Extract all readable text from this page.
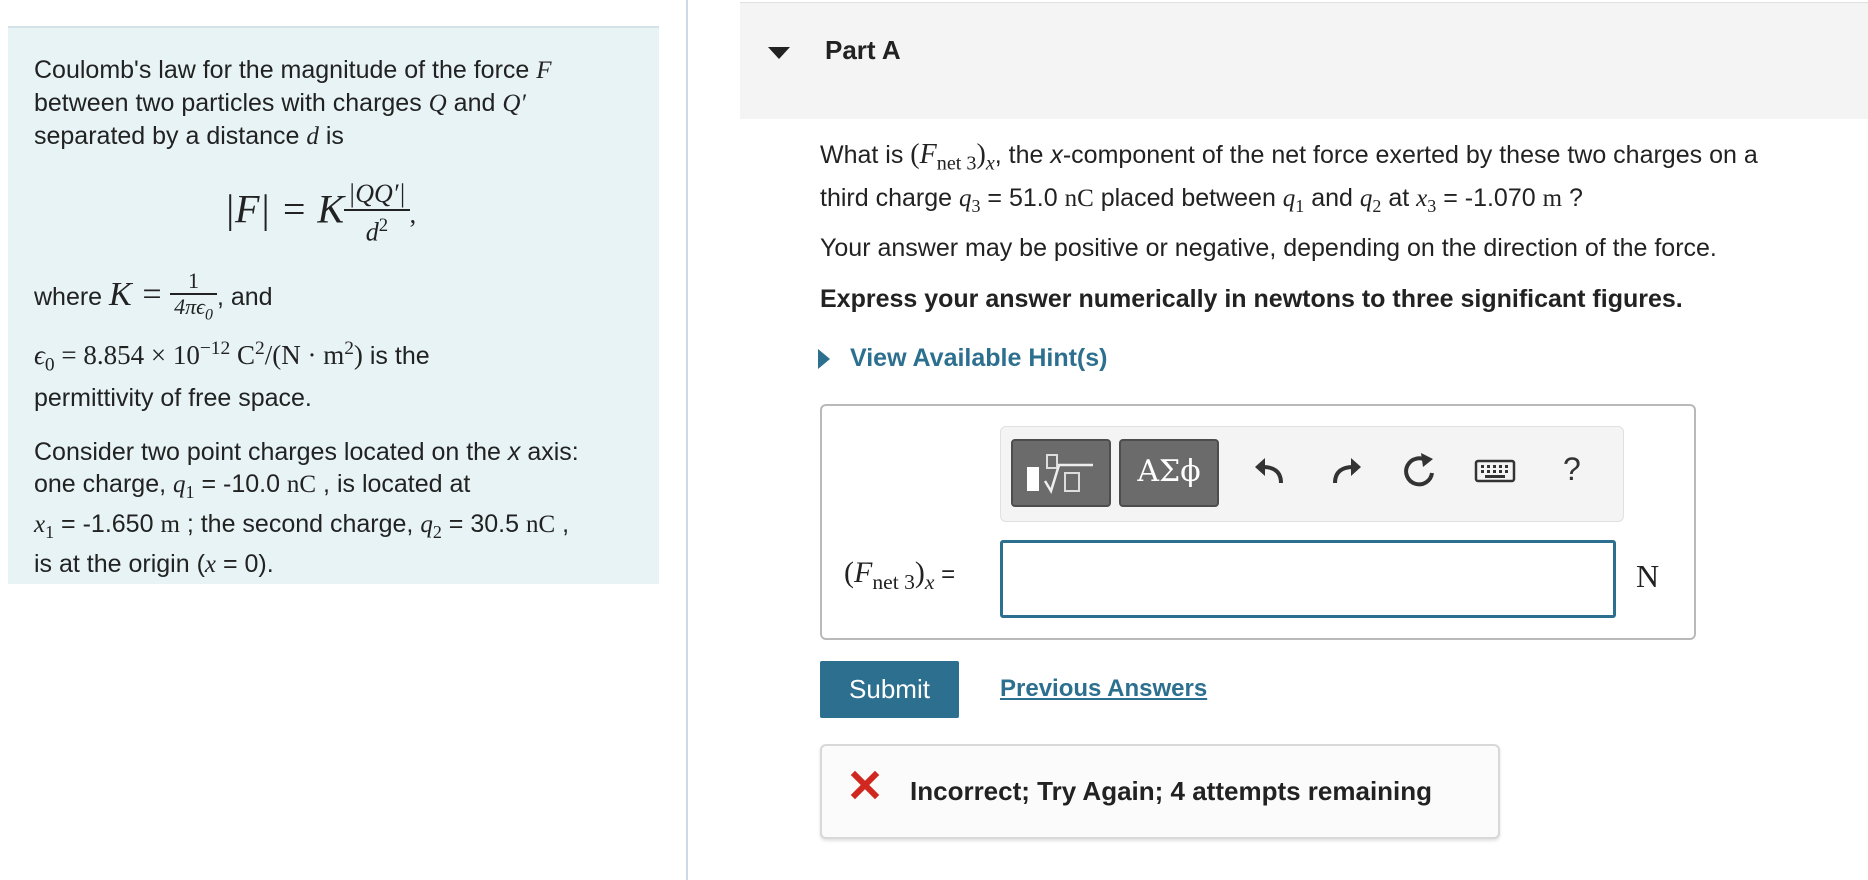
Coulomb's law for the magnitude of the force F
between two particles with charges Q and Q′
separated by a distance d is

|F| = K $\frac{|QQ'|}{d^2}$ ,

where $K = \frac{1}{4\pi\epsilon_0}$ , and

$\epsilon_0 = 8.854 \times 10^{-12}$ $C^2/(N \cdot m^2)$ is the
permittivity of free space.

Consider two point charges located on the x axis:
one charge, $q_1 = -10.0$ nC , is located at
$x_1 = -1.650$ m ; the second charge, $q_2 = 30.5$ nC ,
is at the origin (x = 0).

Part A
What is $(F_{net 3})_x$, the x-component of the net force exerted by these two charges on a
third charge $q_3 = 51.0$ nC placed between $q_1$ and $q_2$ at $x_3 = -1.070$ m ?
Your answer may be positive or negative, depending on the direction of the force.
Express your answer numerically in newtons to three significant figures.
View Available Hint(s)
ΑΣϕ	?
$(F_{net 3})_x$ =	N
Submit	Previous Answers
Incorrect; Try Again; 4 attempts remaining
